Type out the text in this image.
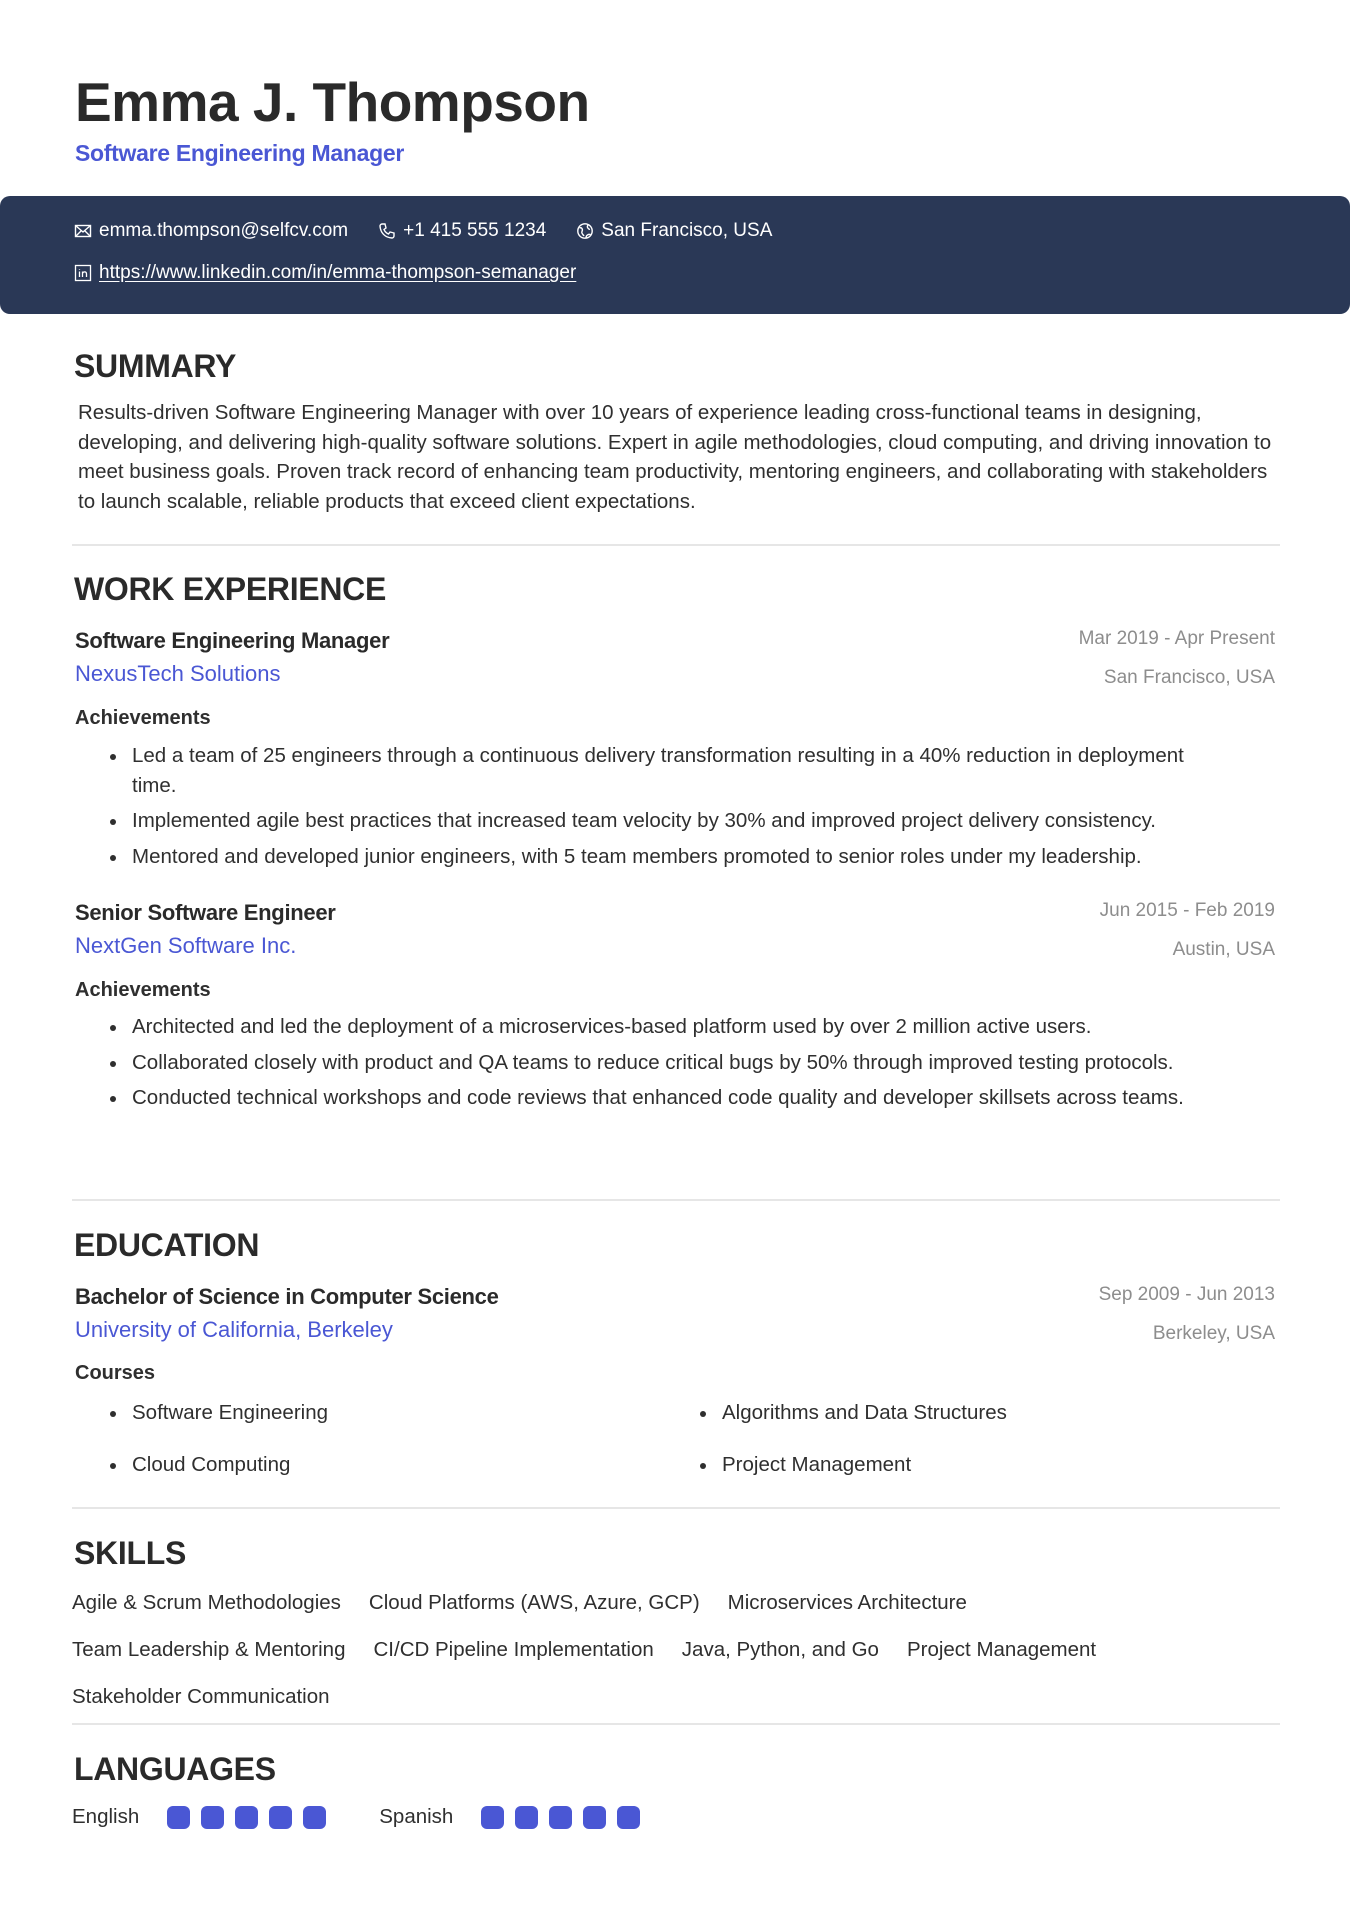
Emma J. Thompson
Software Engineering Manager
emma.thompson@selfcv.com	+1 415 555 1234	San Francisco, USA
https://www.linkedin.com/in/emma-thompson-semanager
SUMMARY

Results-driven Software Engineering Manager with over 10 years of experience leading cross-functional teams in designing, developing, and delivering high-quality software solutions. Expert in agile methodologies, cloud computing, and driving innovation to meet business goals. Proven track record of enhancing team productivity, mentoring engineers, and collaborating with stakeholders to launch scalable, reliable products that exceed client expectations.

WORK EXPERIENCE
Software Engineering Manager
NexusTech Solutions
Mar 2019 - Apr Present
San Francisco, USA
Achievements
Led a team of 25 engineers through a continuous delivery transformation resulting in a 40% reduction in deployment time.
Implemented agile best practices that increased team velocity by 30% and improved project delivery consistency.
Mentored and developed junior engineers, with 5 team members promoted to senior roles under my leadership.
Senior Software Engineer
NextGen Software Inc.
Jun 2015 - Feb 2019
Austin, USA
Achievements
Architected and led the deployment of a microservices-based platform used by over 2 million active users.
Collaborated closely with product and QA teams to reduce critical bugs by 50% through improved testing protocols.
Conducted technical workshops and code reviews that enhanced code quality and developer skillsets across teams.
EDUCATION
Bachelor of Science in Computer Science
University of California, Berkeley
Sep 2009 - Jun 2013
Berkeley, USA
Courses
Software Engineering	Algorithms and Data Structures
Cloud Computing	Project Management
SKILLS
Agile & Scrum Methodologies Cloud Platforms (AWS, Azure, GCP) Microservices Architecture
Team Leadership & Mentoring CI/CD Pipeline Implementation Java, Python, and Go Project Management
Stakeholder Communication
LANGUAGES
English	Spanish
